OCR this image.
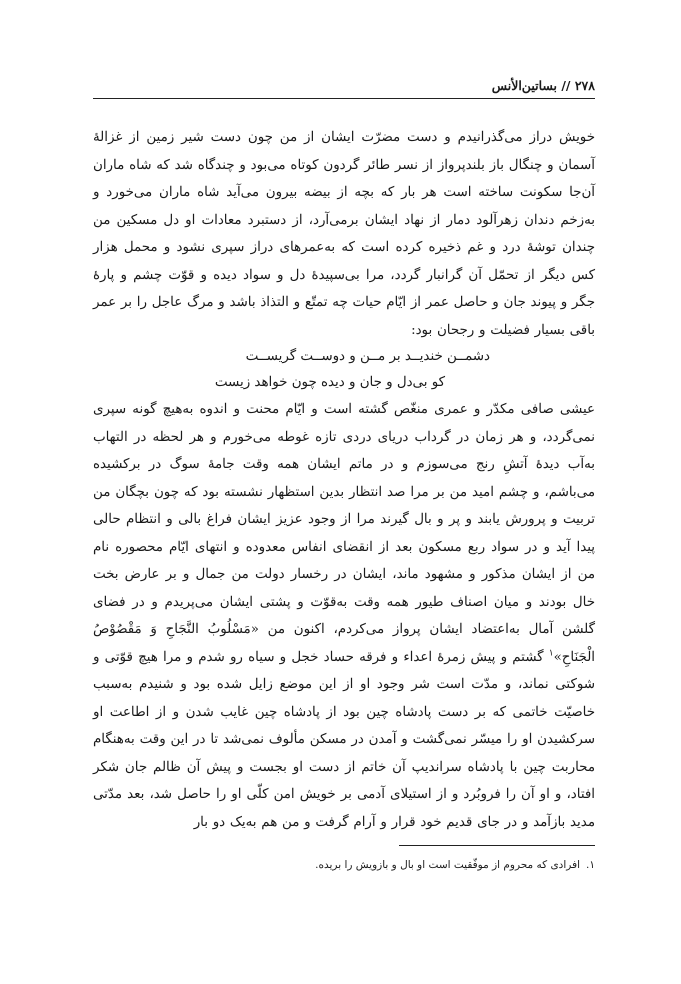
۲۷۸ // بساتین‌الأنس

خویش دراز می‌گذرانیدم و دست مضرّت ایشان از من چون دست شیر زمین از غزالهٔ آسمان و چنگال باز بلندپرواز از نسر طائر گردون کوتاه می‌بود و چندگاه شد که شاه ماران آن‌جا سکونت ساخته است هر بار که بچه از بیضه بیرون می‌آید شاه ماران می‌خورد و به‌زخم دندان زهرآلود دمار از نهاد ایشان برمی‌آرد، از دستبرد معادات او دل مسکین من چندان توشهٔ درد و غم ذخیره کرده است که به‌عمرهای دراز سپری نشود و محمل هزار کس دیگر از تحمّل آن گرانبار گردد، مرا بی‌سپیدهٔ دل و سواد دیده و قوّت چشم و پارهٔ جگر و پیوند جان و حاصل عمر از ایّام حیات چه تمتّع و التذاذ باشد و مرگ عاجل را بر عمر باقی بسیار فضیلت و رجحان بود:

دشمــن خنديــد بر مــن و دوســت گريســت
کو بی‌دل و جان و دیده چون خواهد زیست

عیشی صافی مکدّر و عمری منغّص گشته است و ایّام محنت و اندوه به‌هیچ گونه سپری نمی‌گردد، و هر زمان در گرداب دریای دردی تازه غوطه می‌خورم و هر لحظه در التهاب به‌آب دیدهٔ آتشِ رنج می‌سوزم و در ماتم ایشان همه وقت جامهٔ سوگ در برکشیده می‌باشم، و چشم امید من بر مرا صد انتظار بدین استظهار نشسته بود که چون بچگان من تربیت و پرورش یابند و پر و بال گیرند مرا از وجود عزیز ایشان فراغ بالی و انتظام حالی پیدا آید و در سواد ربع مسکون بعد از انقضای انفاس معدوده و انتهای ایّام محصوره نام من از ایشان مذکور و مشهود ماند، ایشان در رخسار دولت من جمال و بر عارض بخت خال بودند و میان اصناف طیور همه وقت به‌قوّت و پشتی ایشان می‌پریدم و در فضای گلشن آمال به‌اعتضاد ایشان پرواز می‌کردم، اکنون من «مَسْلُوبُ النَّجَاحِ وَ مَقْصُوْصُ الْجَنَاحِ»$^۱$ گشتم و پیش زمرهٔ اعداء و فرقه حساد خجل و سیاه رو شدم و مرا هیچ قوّتی و شوکتی نماند، و مدّت است شر وجود او از این موضع زایل شده بود و شنیدم به‌سبب خاصیّت خاتمی که بر دست پادشاه چین بود از پادشاه چین غایب شدن و از اطاعت او سرکشیدن او را میسّر نمی‌گشت و آمدن در مسکن مألوف نمی‌شد تا در این وقت به‌هنگام محاربت چین با پادشاه سراندیپ آن خاتم از دست او بجست و پیش آن ظالم جان شکر افتاد، و او آن را فروبُرد و از استیلای آدمی بر خویش امن کلّی او را حاصل شد، بعد مدّتی مدید بازآمد و در جای قدیم خود قرار و آرام گرفت و من هم به‌یک دو بار

۱.افرادی که محروم از موفّقیت است او بال و بازویش را بریده.
